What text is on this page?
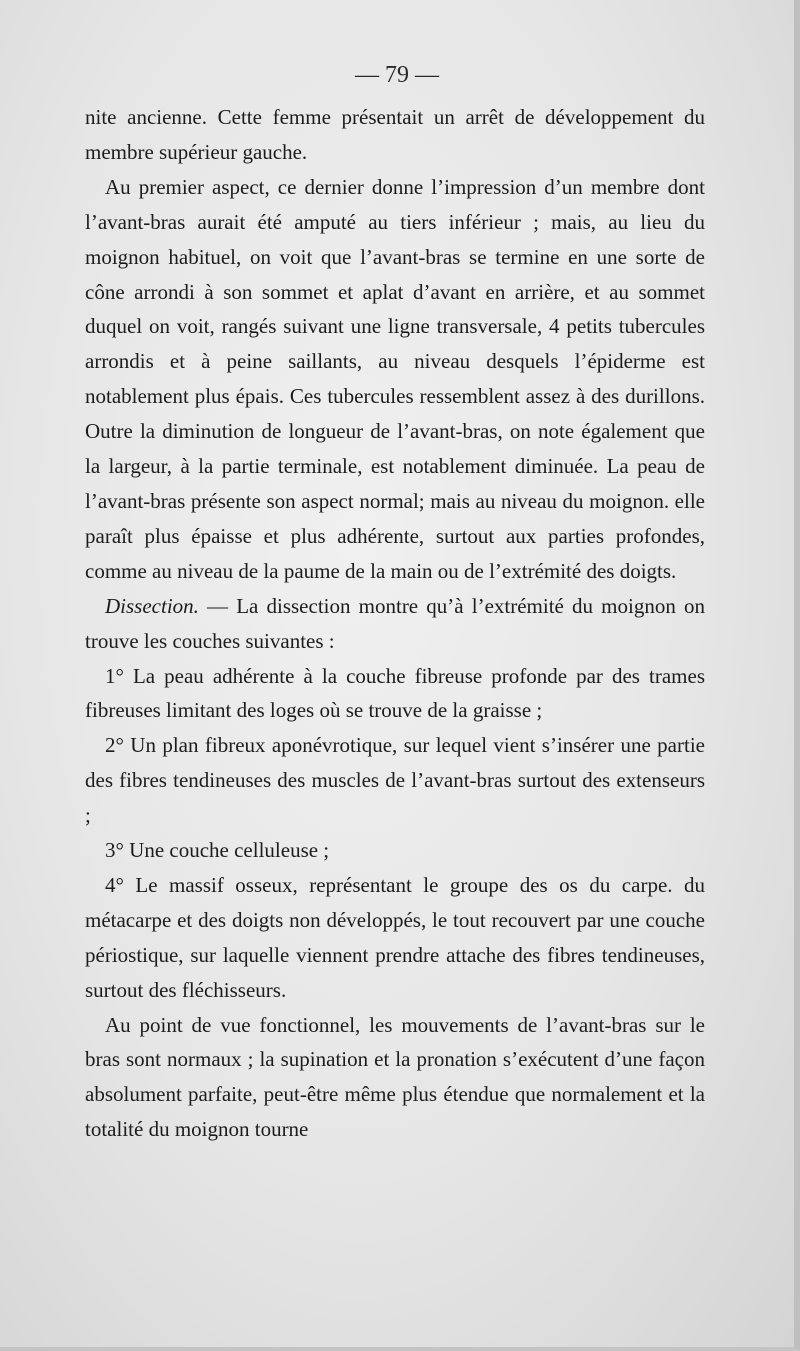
— 79 —

nite ancienne. Cette femme présentait un arrêt de développement du membre supérieur gauche.

Au premier aspect, ce dernier donne l’impression d’un membre dont l’avant-bras aurait été amputé au tiers inférieur ; mais, au lieu du moignon habituel, on voit que l’avant-bras se termine en une sorte de cône arrondi à son sommet et aplat d’avant en arrière, et au sommet duquel on voit, rangés suivant une ligne transversale, 4 petits tubercules arrondis et à peine saillants, au niveau desquels l’épiderme est notablement plus épais. Ces tubercules ressemblent assez à des durillons. Outre la diminution de longueur de l’avant-bras, on note également que la largeur, à la partie terminale, est notablement diminuée. La peau de l’avant-bras présente son aspect normal; mais au niveau du moignon. elle paraît plus épaisse et plus adhérente, surtout aux parties profondes, comme au niveau de la paume de la main ou de l’extrémité des doigts.

Dissection. — La dissection montre qu’à l’extrémité du moignon on trouve les couches suivantes :

1° La peau adhérente à la couche fibreuse profonde par des trames fibreuses limitant des loges où se trouve de la graisse ;

2° Un plan fibreux aponévrotique, sur lequel vient s’insérer une partie des fibres tendineuses des muscles de l’avant-bras surtout des extenseurs ;

3° Une couche celluleuse ;

4° Le massif osseux, représentant le groupe des os du carpe. du métacarpe et des doigts non développés, le tout recouvert par une couche périostique, sur laquelle viennent prendre attache des fibres tendineuses, surtout des fléchisseurs.

Au point de vue fonctionnel, les mouvements de l’avant-bras sur le bras sont normaux ; la supination et la pronation s’exécutent d’une façon absolument parfaite, peut-être même plus étendue que normalement et la totalité du moignon tourne
